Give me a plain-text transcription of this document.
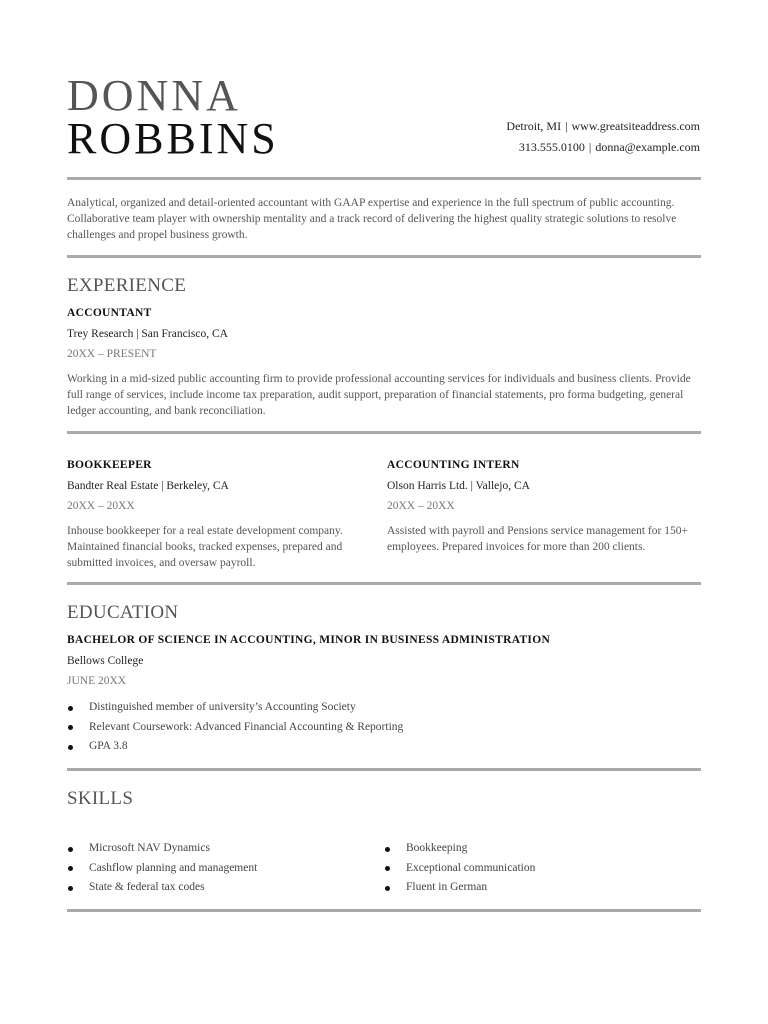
DONNA
ROBBINS	Detroit, MI | www.greatsiteaddress.com
313.555.0100 | donna@example.com
Analytical, organized and detail-oriented accountant with GAAP expertise and experience in the full spectrum of public accounting. Collaborative team player with ownership mentality and a track record of delivering the highest quality strategic solutions to resolve challenges and propel business growth.
EXPERIENCE
ACCOUNTANT
Trey Research | San Francisco, CA
20XX – PRESENT
Working in a mid-sized public accounting firm to provide professional accounting services for individuals and business clients. Provide full range of services, include income tax preparation, audit support, preparation of financial statements, pro forma budgeting, general ledger accounting, and bank reconciliation.
BOOKKEEPER
Bandter Real Estate | Berkeley, CA
20XX – 20XX
Inhouse bookkeeper for a real estate development company. Maintained financial books, tracked expenses, prepared and submitted invoices, and oversaw payroll.
ACCOUNTING INTERN
Olson Harris Ltd. | Vallejo, CA
20XX – 20XX
Assisted with payroll and Pensions service management for 150+ employees. Prepared invoices for more than 200 clients.
EDUCATION
BACHELOR OF SCIENCE IN ACCOUNTING, MINOR IN BUSINESS ADMINISTRATION
Bellows College
JUNE 20XX
Distinguished member of university’s Accounting Society
Relevant Coursework: Advanced Financial Accounting & Reporting
GPA 3.8
SKILLS
Microsoft NAV Dynamics
Cashflow planning and management
State & federal tax codes
Bookkeeping
Exceptional communication
Fluent in German
